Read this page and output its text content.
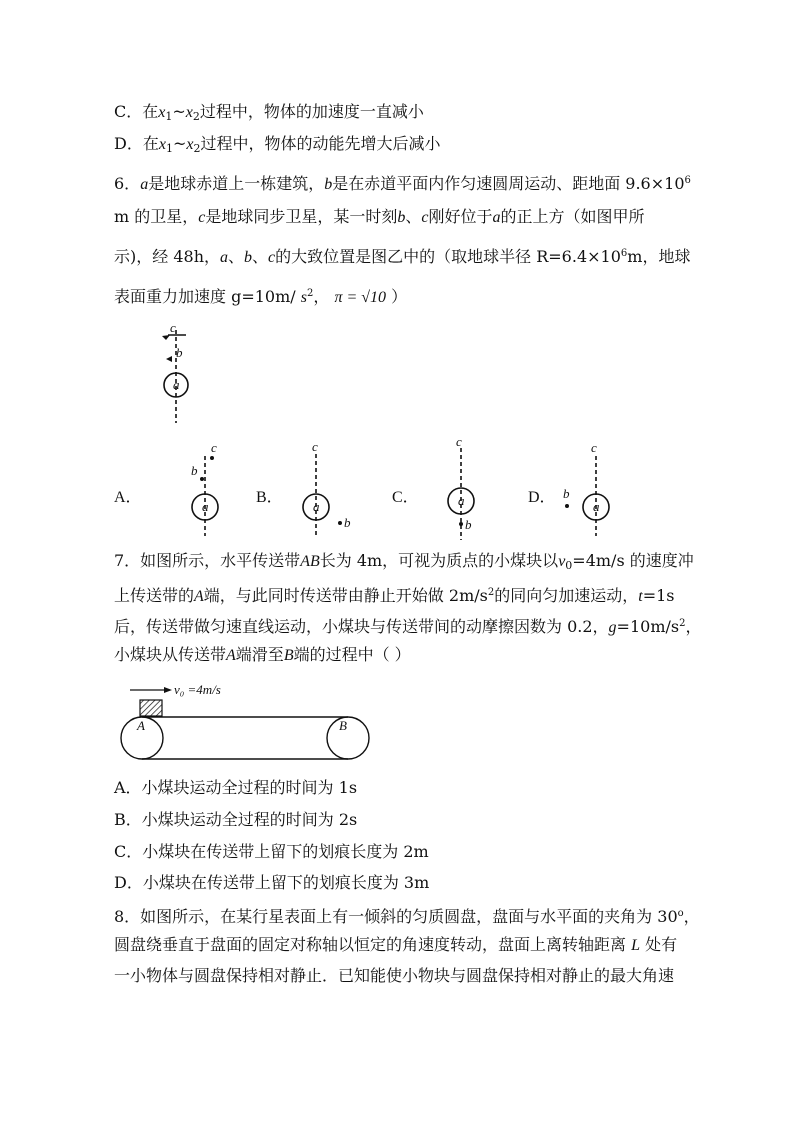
C．在$x_1\sim x_2$过程中，物体的加速度一直减小
D．在$x_1\sim x_2$过程中，物体的动能先增大后减小
6．a是地球赤道上一栋建筑，b是在赤道平面内作匀速圆周运动、距地面 $9.6\times 10^6$
m 的卫星，c是地球同步卫星，某一时刻b、c刚好位于a的正上方（如图甲所
示)，经 48h，a、b、c的大致位置是图乙中的（取地球半径 $R=6.4\times 10^6m$，地球
表面重力加速度 g=10m/ $s^2$， π = √10 ）
c
b
a
A．
c
b
a
B．
c
b
a
C．
c
b
a	D．
c
b
a
7．如图所示，水平传送带AB长为 4m，可视为质点的小煤块以$v_0=4m/s$ 的速度冲
上传送带的A端，与此同时传送带由静止开始做 $2m/s^2$的同向匀加速运动，t=1s
后，传送带做匀速直线运动，小煤块与传送带间的动摩擦因数为 0.2，$g=10m/s^2$，
小煤块从传送带A端滑至B端的过程中（ ）
v₀ =4m/s
A	B
A．小煤块运动全过程的时间为 1s
B．小煤块运动全过程的时间为 2s
C．小煤块在传送带上留下的划痕长度为 2m
D．小煤块在传送带上留下的划痕长度为 3m
8．如图所示，在某行星表面上有一倾斜的匀质圆盘，盘面与水平面的夹角为 30$^o$，
圆盘绕垂直于盘面的固定对称轴以恒定的角速度转动，盘面上离转轴距离 L 处有
一小物体与圆盘保持相对静止．已知能使小物块与圆盘保持相对静止的最大角速
